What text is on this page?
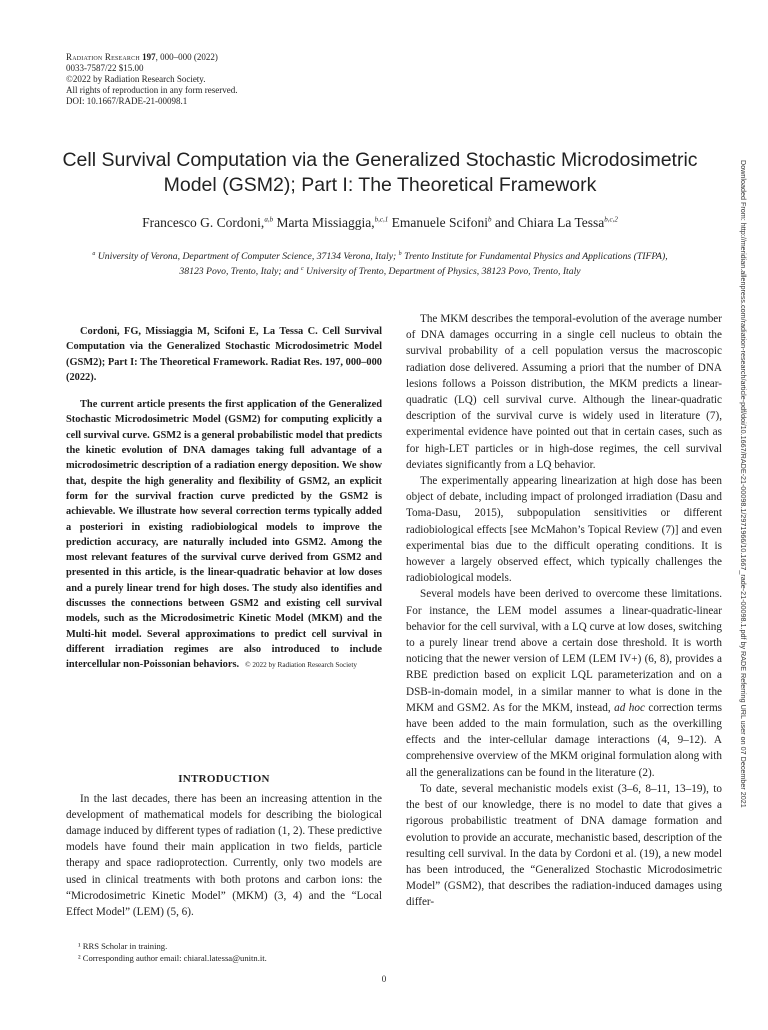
Radiation Research 197, 000–000 (2022)
0033-7587/22 $15.00
©2022 by Radiation Research Society.
All rights of reproduction in any form reserved.
DOI: 10.1667/RADE-21-00098.1
Cell Survival Computation via the Generalized Stochastic Microdosimetric
Model (GSM2); Part I: The Theoretical Framework
Francesco G. Cordoni,$^{a,b}$ Marta Missiaggia,$^{b,c,1}$ Emanuele Scifoni$^b$ and Chiara La Tessa$^{b,c,2}$
$^a$ University of Verona, Department of Computer Science, 37134 Verona, Italy; $^b$ Trento Institute for Fundamental Physics and Applications (TIFPA),
38123 Povo, Trento, Italy; and $^c$ University of Trento, Department of Physics, 38123 Povo, Trento, Italy	Downloaded From: http://meridian.allenpress.com/radiation-research/article-pdf/doi/10.1667/RADE-21-00098.1/2971966/10.1667_rade-21-00098.1.pdf by RADE Referring URL user on 07 December 2021

Cordoni, FG, Missiaggia M, Scifoni E, La Tessa C. Cell Survival Computation via the Generalized Stochastic Microdosimetric Model (GSM2); Part I: The Theoretical Framework. Radiat Res. 197, 000–000 (2022).

The current article presents the first application of the Generalized Stochastic Microdosimetric Model (GSM2) for computing explicitly a cell survival curve. GSM2 is a general probabilistic model that predicts the kinetic evolution of DNA damages taking full advantage of a microdosimetric description of a radiation energy deposition. We show that, despite the high generality and flexibility of GSM2, an explicit form for the survival fraction curve predicted by the GSM2 is achievable. We illustrate how several correction terms typically added a posteriori in existing radiobiological models to improve the prediction accuracy, are naturally included into GSM2. Among the most relevant features of the survival curve derived from GSM2 and presented in this article, is the linear-quadratic behavior at low doses and a purely linear trend for high doses. The study also identifies and discusses the connections between GSM2 and existing cell survival models, such as the Microdosimetric Kinetic Model (MKM) and the Multi-hit model. Several approximations to predict cell survival in different irradiation regimes are also introduced to include intercellular non-Poissonian behaviors. © 2022 by Radiation Research Society

INTRODUCTION

In the last decades, there has been an increasing attention in the development of mathematical models for describing the biological damage induced by different types of radiation (1, 2). These predictive models have found their main application in two fields, particle therapy and space radioprotection. Currently, only two models are used in clinical treatments with both protons and carbon ions: the “Microdosimetric Kinetic Model” (MKM) (3, 4) and the “Local Effect Model” (LEM) (5, 6).

¹ RRS Scholar in training.
² Corresponding author email: chiaral.latessa@unitn.it.

The MKM describes the temporal-evolution of the average number of DNA damages occurring in a single cell nucleus to obtain the survival probability of a cell population versus the macroscopic radiation dose delivered. Assuming a priori that the number of DNA lesions follows a Poisson distribution, the MKM predicts a linear-quadratic (LQ) cell survival curve. Although the linear-quadratic description of the survival curve is widely used in literature (7), experimental evidence have pointed out that in certain cases, such as for high-LET particles or in high-dose regimes, the cell survival deviates significantly from a LQ behavior.

The experimentally appearing linearization at high dose has been object of debate, including impact of prolonged irradiation (Dasu and Toma-Dasu, 2015), subpopulation sensitivities or different radiobiological effects [see McMahon’s Topical Review (7)] and even experimental bias due to the difficult operating conditions. It is however a largely observed effect, which typically challenges the radiobiological models.

Several models have been derived to overcome these limitations. For instance, the LEM model assumes a linear-quadratic-linear behavior for the cell survival, with a LQ curve at low doses, switching to a purely linear trend above a certain dose threshold. It is worth noticing that the newer version of LEM (LEM IV+) (6, 8), provides a RBE prediction based on explicit LQL parameterization and on a DSB-in-domain model, in a similar manner to what is done in the MKM and GSM2. As for the MKM, instead, ad hoc correction terms have been added to the main formulation, such as the overkilling effects and the inter-cellular damage interactions (4, 9–12). A comprehensive overview of the MKM original formulation along with all the generalizations can be found in the literature (2).

To date, several mechanistic models exist (3–6, 8–11, 13–19), to the best of our knowledge, there is no model to date that gives a rigorous probabilistic treatment of DNA damage formation and evolution to provide an accurate, mechanistic based, description of the resulting cell survival. In the data by Cordoni et al. (19), a new model has been introduced, the “Generalized Stochastic Microdosimetric Model” (GSM2), that describes the radiation-induced damages using differ-

0
